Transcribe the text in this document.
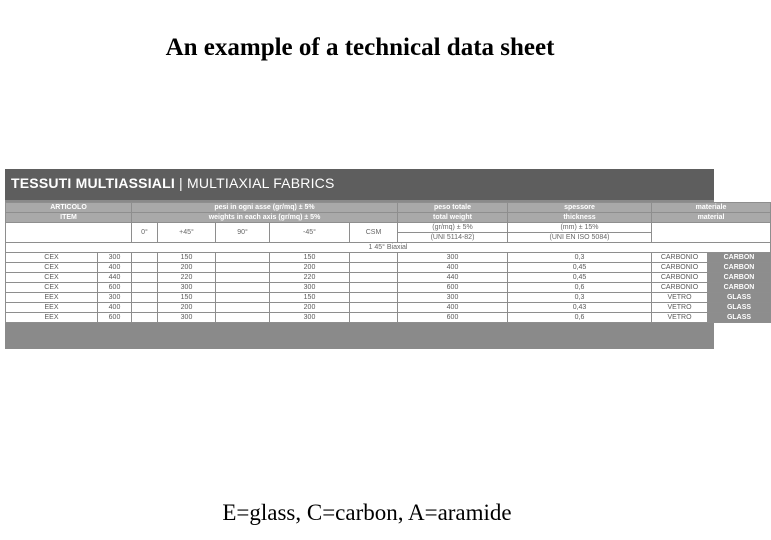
An example of a technical data sheet
TESSUTI MULTIASSIALI | MULTIAXIAL FABRICS
ARTICOLO		pesi in ogni asse (gr/mq) ± 5%					peso totale	spessore	materiale	
ITEM		weights in each axis (gr/mq) ± 5%					total weight	thickness	material	
		0°	+45°	90°	-45°	CSM	(gr/mq) ± 5%	(mm) ± 15%		
							(UNI 5114-82)	(UNI EN ISO 5084)		
1 45° Biaxial										
CEX	300		150		150		300	0,3	CARBONIO	CARBON
CEX	400		200		200		400	0,45	CARBONIO	CARBON
CEX	440		220		220		440	0,45	CARBONIO	CARBON
CEX	600		300		300		600	0,6	CARBONIO	CARBON
EEX	300		150		150		300	0,3	VETRO	GLASS
EEX	400		200		200		400	0,43	VETRO	GLASS
EEX	600		300		300		600	0,6	VETRO	GLASS
E=glass, C=carbon, A=aramide
